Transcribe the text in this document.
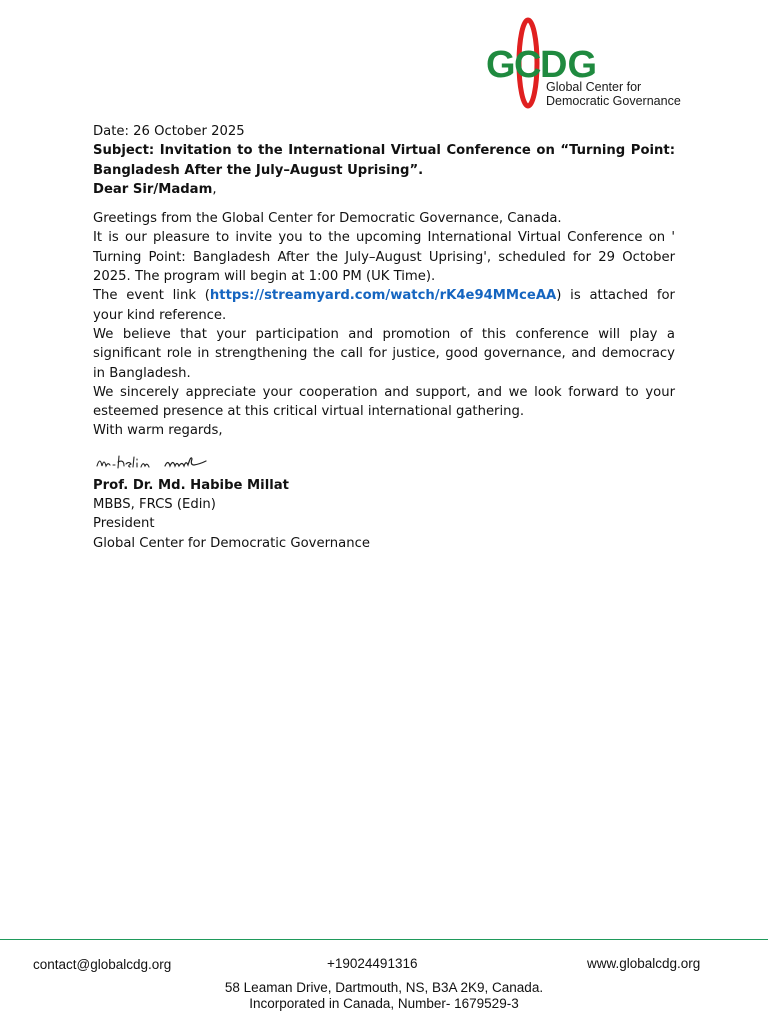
G
C
DG
Global Center for
Democratic Governance

Date: 26 October 2025

Subject: Invitation to the International Virtual Conference on “Turning Point: Bangladesh After the July–August Uprising”.

Dear Sir/Madam,

Greetings from the Global Center for Democratic Governance, Canada.

It is our pleasure to invite you to the upcoming International Virtual Conference on ' Turning Point: Bangladesh After the July–August Uprising', scheduled for 29 October 2025. The program will begin at 1:00 PM (UK Time).

The event link (https://streamyard.com/watch/rK4e94MMceAA) is attached for your kind reference.

We believe that your participation and promotion of this conference will play a significant role in strengthening the call for justice, good governance, and democracy in Bangladesh.

We sincerely appreciate your cooperation and support, and we look forward to your esteemed presence at this critical virtual international gathering.

With warm regards,

Prof. Dr. Md. Habibe Millat

MBBS, FRCS (Edin)

President

Global Center for Democratic Governance

contact@globalcdg.org	+19024491316	www.globalcdg.org
58 Leaman Drive, Dartmouth, NS, B3A 2K9, Canada.
Incorporated in Canada, Number- 1679529-3
